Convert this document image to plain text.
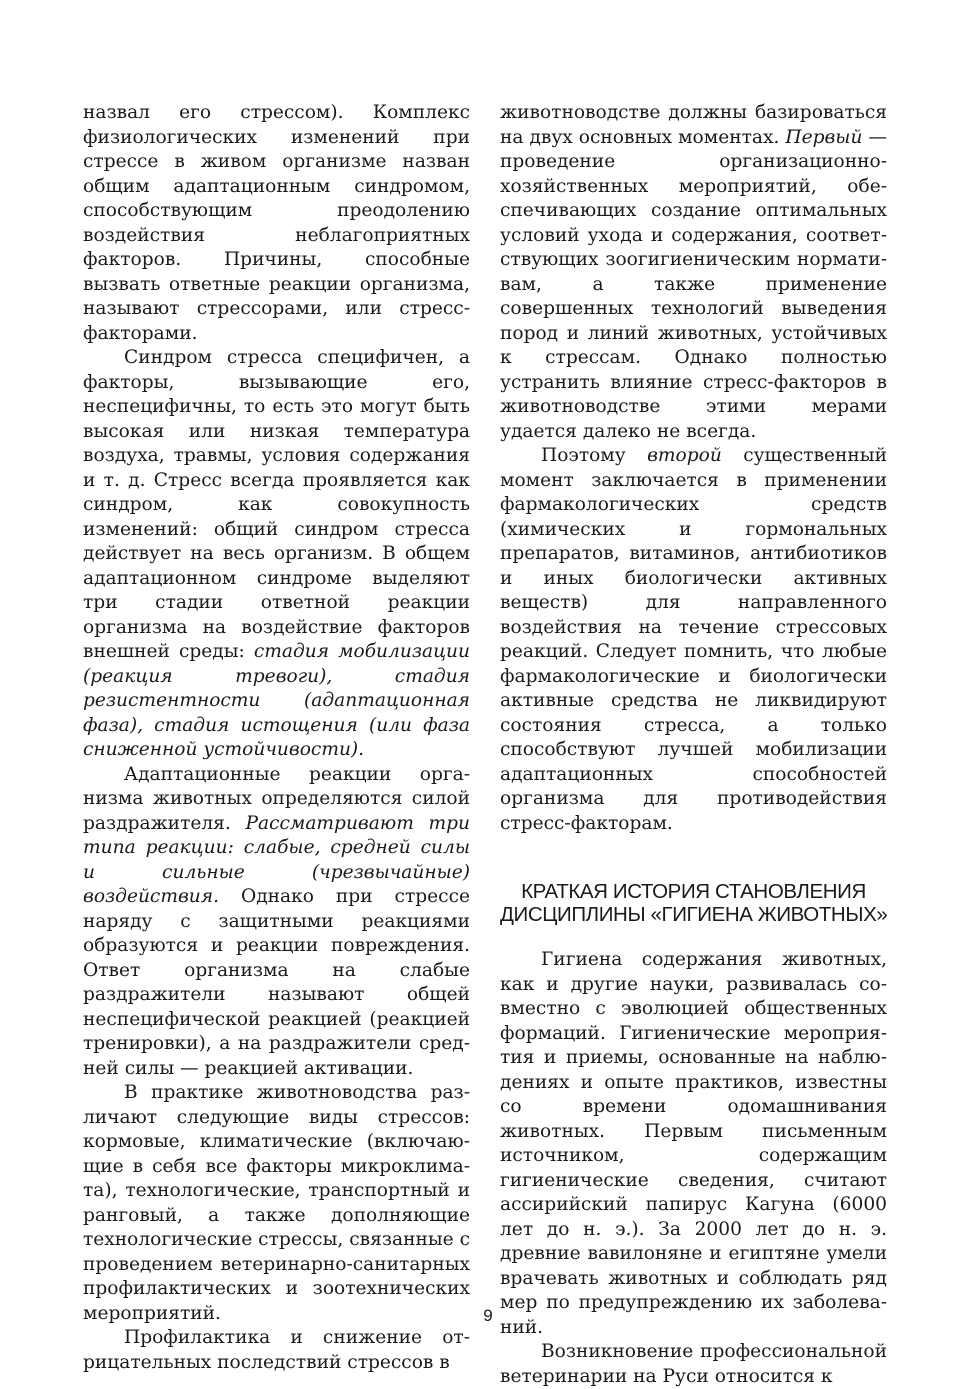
назвал его стрессом). Комплекс физиологических изменений при стрессе в живом организме назван общим адаптационным синдромом, способствующим преодолению воздействия неблагоприятных факторов. Причины, способные вызвать ответные реакции организма, называют стрессорами, или стресс-факторами.

Синдром стресса специфичен, а факторы, вызывающие его, неспецифичны, то есть это могут быть высокая или низкая температура воздуха, травмы, условия содержания и т. д. Стресс всегда проявляется как синдром, как совокупность изменений: общий синдром стресса действует на весь организм. В общем адаптационном синдроме выделяют три стадии ответной реакции организма на воздействие факторов внешней среды: стадия мобилизации (реакция тревоги), стадия резистентности (адаптационная фаза), стадия истощения (или фаза сниженной устойчивости).

Адаптационные реакции организма животных определяются силой раздражителя. Рассматривают три типа реакции: слабые, средней силы и сильные (чрезвычайные) воздействия. Однако при стрессе наряду с защитными реакциями образуются и реакции повреждения. Ответ организма на слабые раздражители называют общей неспецифической реакцией (реакцией тренировки), а на раздражители средней силы — реакцией активации.

В практике животноводства различают следующие виды стрессов: кормовые, климатические (включающие в себя все факторы микроклимата), технологические, транспортный и ранговый, а также дополняющие технологические стрессы, связанные с проведением ветеринарно-санитарных профилактических и зоотехнических мероприятий.

Профилактика и снижение отрицательных последствий стрессов в

животноводстве должны базироваться на двух основных моментах. Первый — проведение организационно-хозяйственных мероприятий, обеспечивающих создание оптимальных условий ухода и содержания, соответствующих зоогигиеническим нормативам, а также применение совершенных технологий выведения пород и линий животных, устойчивых к стрессам. Однако полностью устранить влияние стресс-факторов в животноводстве этими мерами удается далеко не всегда.

Поэтому второй существенный момент заключается в применении фармакологических средств (химических и гормональных препаратов, витаминов, антибиотиков и иных биологически активных веществ) для направленного воздействия на течение стрессовых реакций. Следует помнить, что любые фармакологические и биологически активные средства не ликвидируют состояния стресса, а только способствуют лучшей мобилизации адаптационных способностей организма для противодействия стресс-факторам.

КРАТКАЯ ИСТОРИЯ СТАНОВЛЕНИЯ
ДИСЦИПЛИНЫ «ГИГИЕНА ЖИВОТНЫХ»

Гигиена содержания животных, как и другие науки, развивалась совместно с эволюцией общественных формаций. Гигиенические мероприятия и приемы, основанные на наблюдениях и опыте практиков, известны со времени одомашнивания животных. Первым письменным источником, содержащим гигиенические сведения, считают ассирийский папирус Кагуна (6000 лет до н. э.). За 2000 лет до н. э. древние вавилоняне и египтяне умели врачевать животных и соблюдать ряд мер по предупреждению их заболеваний.

Возникновение профессиональной ветеринарии на Руси относится к

9
